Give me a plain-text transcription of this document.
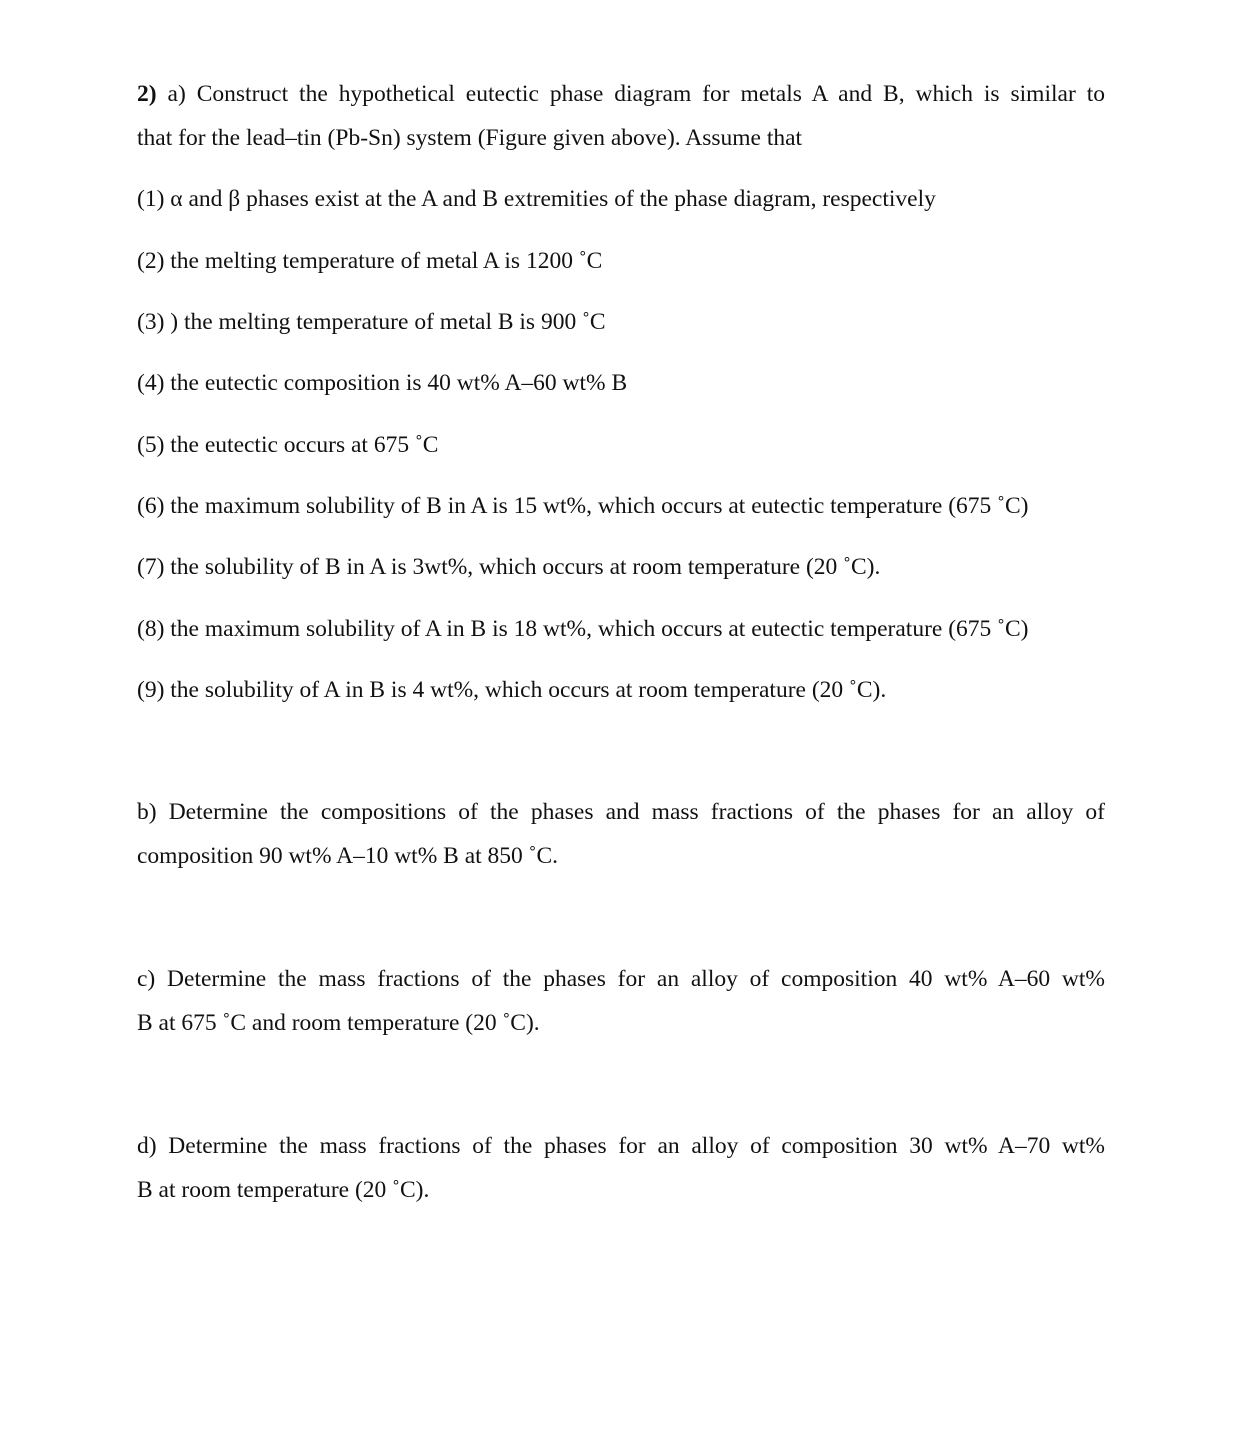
2) a) Construct the hypothetical eutectic phase diagram for metals A and B, which is similar to
that for the lead–tin (Pb-Sn) system (Figure given above). Assume that
(1) α and β phases exist at the A and B extremities of the phase diagram, respectively
(2) the melting temperature of metal A is 1200 ˚C
(3) ) the melting temperature of metal B is 900 ˚C
(4) the eutectic composition is 40 wt% A–60 wt% B
(5) the eutectic occurs at 675 ˚C
(6) the maximum solubility of B in A is 15 wt%, which occurs at eutectic temperature (675 ˚C)
(7) the solubility of B in A is 3wt%, which occurs at room temperature (20 ˚C).
(8) the maximum solubility of A in B is 18 wt%, which occurs at eutectic temperature (675 ˚C)
(9) the solubility of A in B is 4 wt%, which occurs at room temperature (20 ˚C).
b) Determine the compositions of the phases and mass fractions of the phases for an alloy of
composition 90 wt% A–10 wt% B at 850 ˚C.
c) Determine the mass fractions of the phases for an alloy of composition 40 wt% A–60 wt%
B at 675 ˚C and room temperature (20 ˚C).
d) Determine the mass fractions of the phases for an alloy of composition 30 wt% A–70 wt%
B at room temperature (20 ˚C).
